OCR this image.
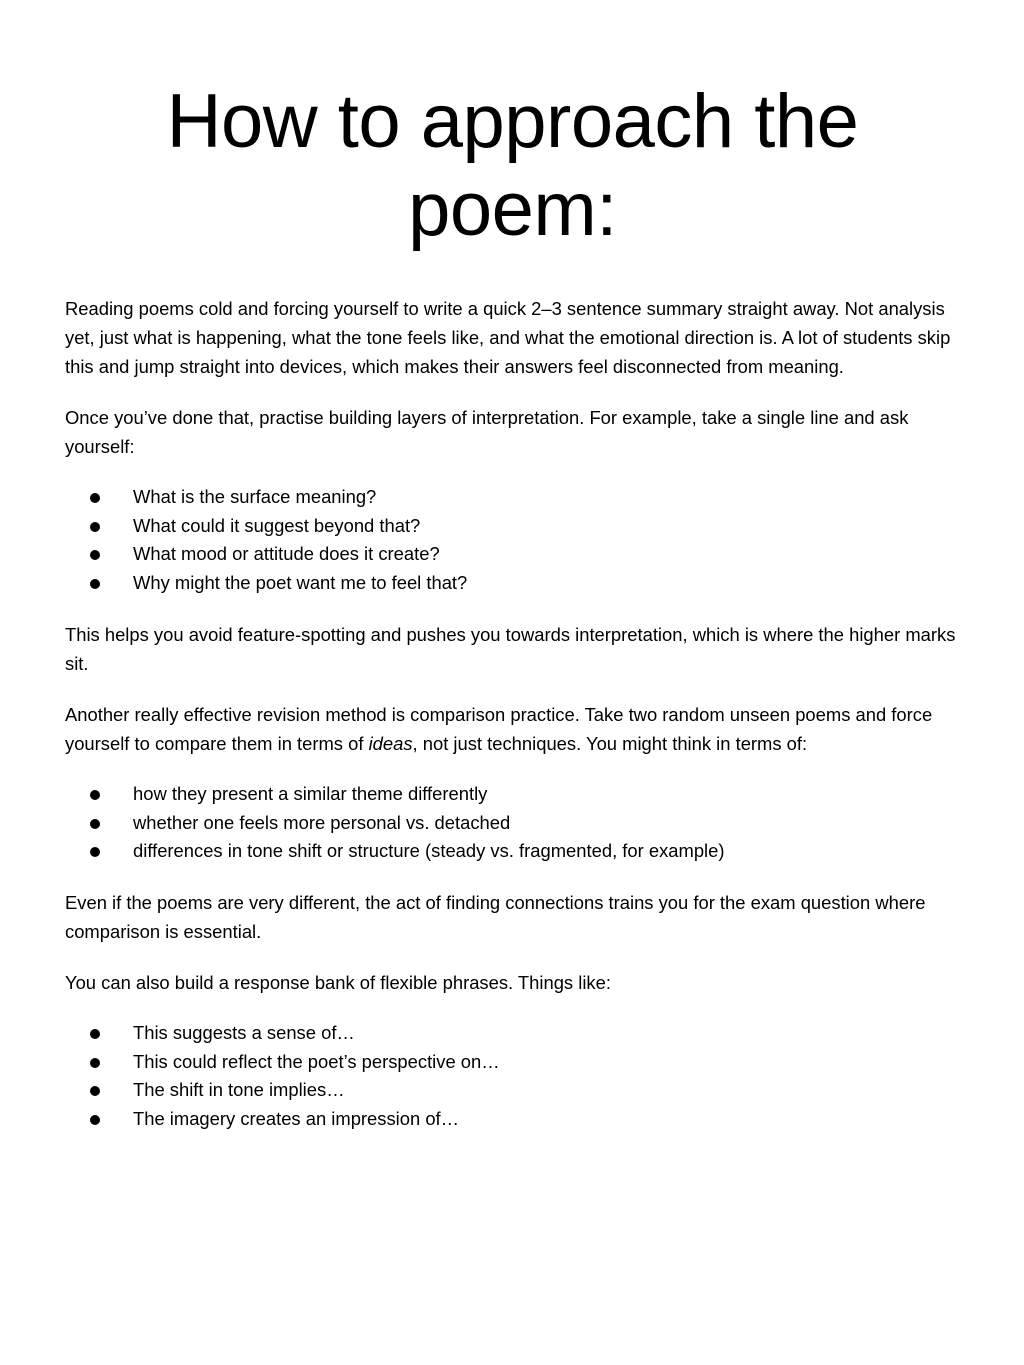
How to approach the poem:

Reading poems cold and forcing yourself to write a quick 2–3 sentence summary straight away. Not analysis yet, just what is happening, what the tone feels like, and what the emotional direction is. A lot of students skip this and jump straight into devices, which makes their answers feel disconnected from meaning.

Once you’ve done that, practise building layers of interpretation. For example, take a single line and ask yourself:

What is the surface meaning?
What could it suggest beyond that?
What mood or attitude does it create?
Why might the poet want me to feel that?

This helps you avoid feature-spotting and pushes you towards interpretation, which is where the higher marks sit.

Another really effective revision method is comparison practice. Take two random unseen poems and force yourself to compare them in terms of ideas, not just techniques. You might think in terms of:

how they present a similar theme differently
whether one feels more personal vs. detached
differences in tone shift or structure (steady vs. fragmented, for example)

Even if the poems are very different, the act of finding connections trains you for the exam question where comparison is essential.

You can also build a response bank of flexible phrases. Things like:

This suggests a sense of…
This could reflect the poet’s perspective on…
The shift in tone implies…
The imagery creates an impression of…
